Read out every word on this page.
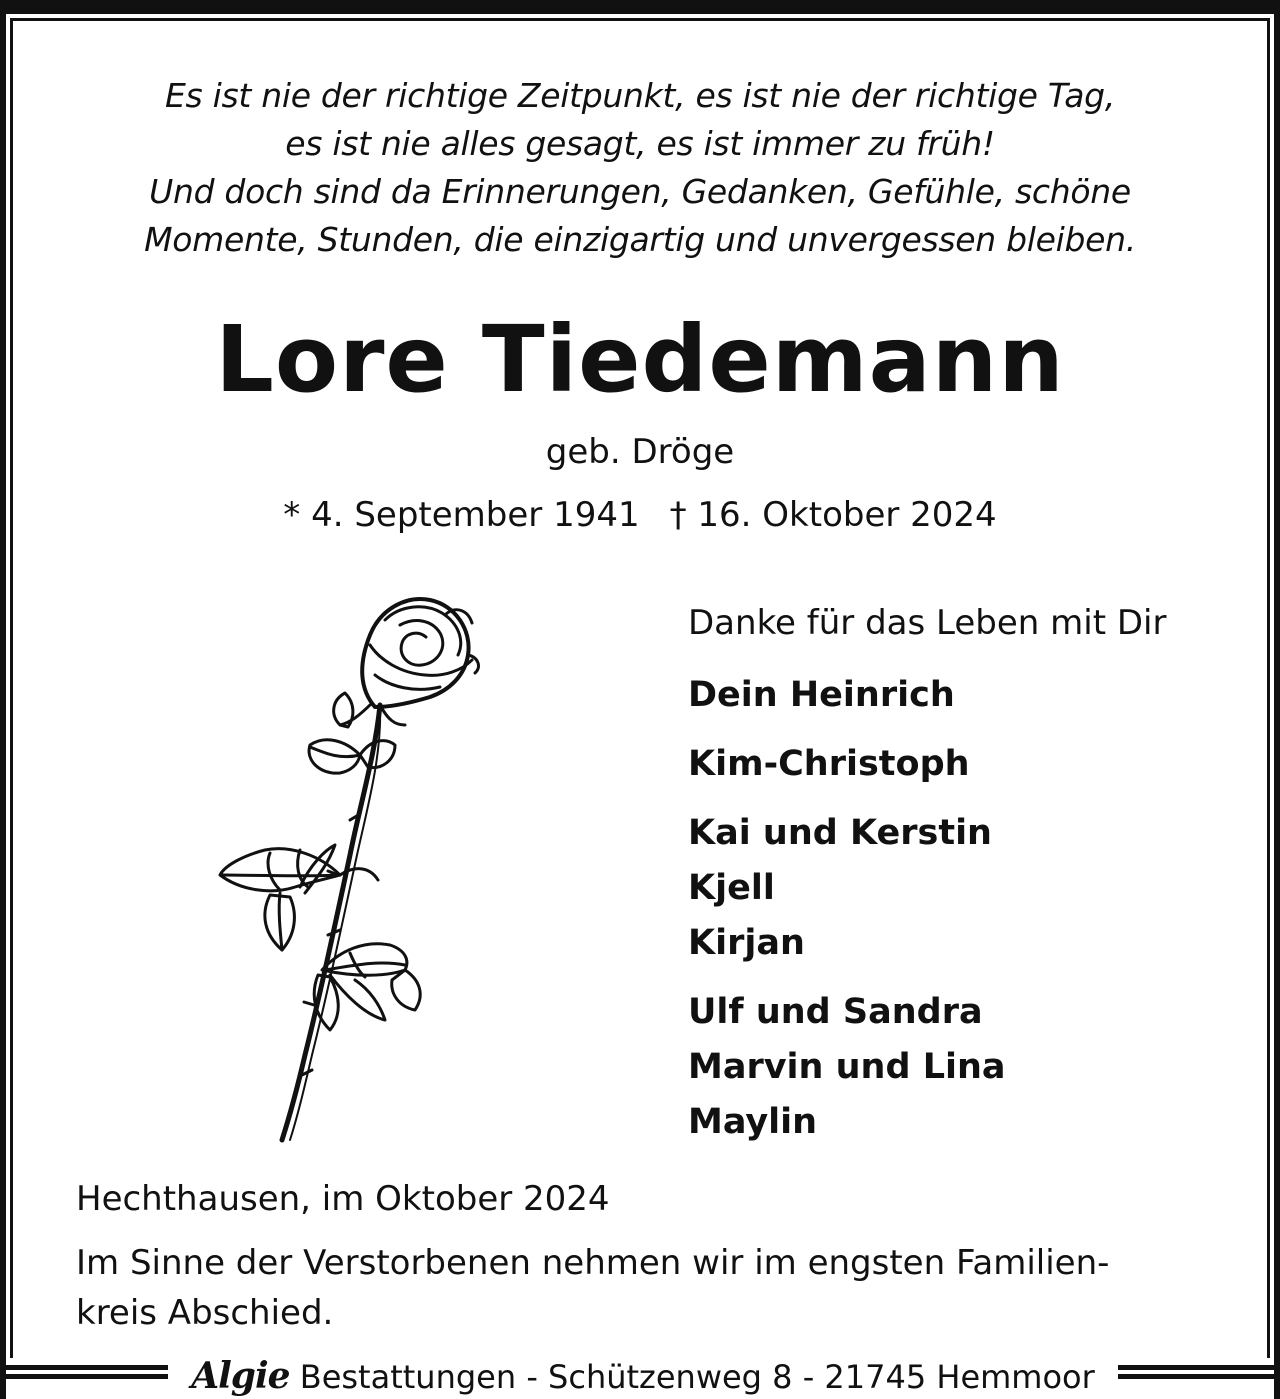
Es ist nie der richtige Zeitpunkt, es ist nie der richtige Tag,
es ist nie alles gesagt, es ist immer zu früh!
Und doch sind da Erinnerungen, Gedanken, Gefühle, schöne
Momente, Stunden, die einzigartig und unvergessen bleiben.
Lore Tiedemann
geb. Dröge
* 4. September 1941 † 16. Oktober 2024
Danke für das Leben mit Dir
Dein Heinrich
Kim-Christoph
Kai und Kerstin
Kjell
Kirjan
Ulf und Sandra
Marvin und Lina
Maylin
Hechthausen, im Oktober 2024
Im Sinne der Verstorbenen nehmen wir im engsten Familien-
kreis Abschied.
Algie Bestattungen - Schützenweg 8 - 21745 Hemmoor
